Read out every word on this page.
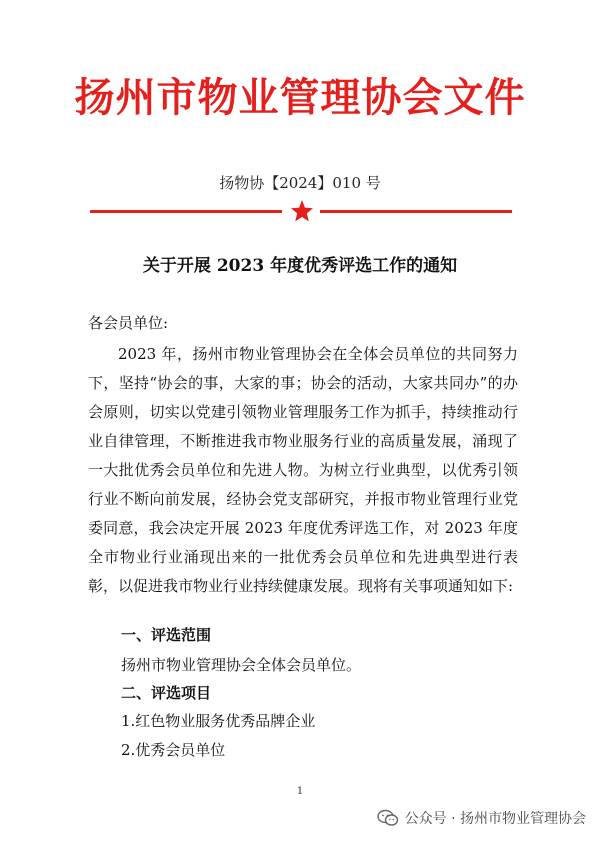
扬州市物业管理协会文件
扬物协【2024】010 号
关于开展 2023 年度优秀评选工作的通知
各会员单位:
2023 年，扬州市物业管理协会在全体会员单位的共同努力下，坚持“协会的事，大家的事；协会的活动，大家共同办”的办会原则，切实以党建引领物业管理服务工作为抓手，持续推动行业自律管理，不断推进我市物业服务行业的高质量发展，涌现了一大批优秀会员单位和先进人物。为树立行业典型，以优秀引领行业不断向前发展，经协会党支部研究，并报市物业管理行业党委同意，我会决定开展 2023 年度优秀评选工作，对 2023 年度全市物业行业涌现出来的一批优秀会员单位和先进典型进行表彰，以促进我市物业行业持续健康发展。现将有关事项通知如下:
一、评选范围
扬州市物业管理协会全体会员单位。
二、评选项目
1.红色物业服务优秀品牌企业
2.优秀会员单位
1
公众号 · 扬州市物业管理协会
